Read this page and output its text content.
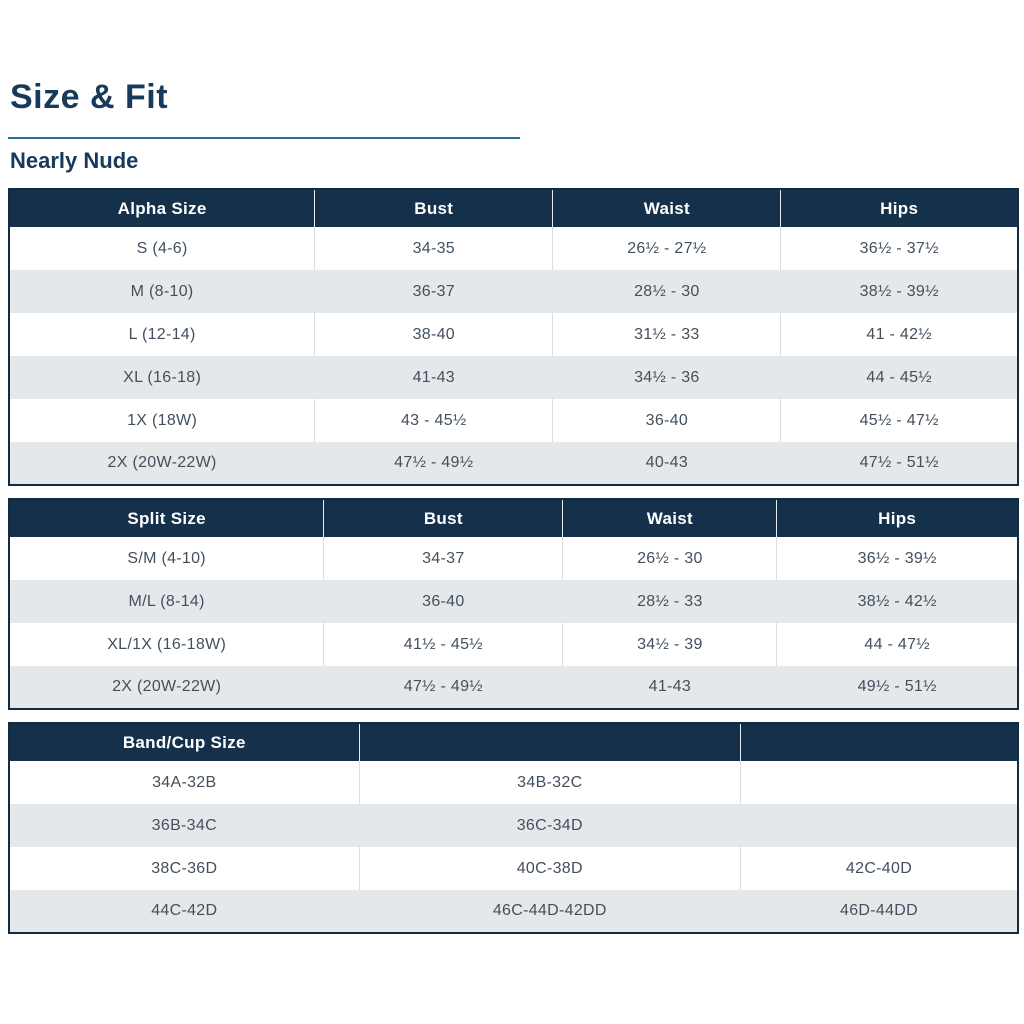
Size & Fit
Nearly Nude
Alpha Size	Bust	Waist	Hips
S (4-6)	34-35	26½ - 27½	36½ - 37½
M (8-10)	36-37	28½ - 30	38½ - 39½
L (12-14)	38-40	31½ - 33	41 - 42½
XL (16-18)	41-43	34½ - 36	44 - 45½
1X (18W)	43 - 45½	36-40	45½ - 47½
2X (20W-22W)	47½ - 49½	40-43	47½ - 51½
Split Size	Bust	Waist	Hips
S/M (4-10)	34-37	26½ - 30	36½ - 39½
M/L (8-14)	36-40	28½ - 33	38½ - 42½
XL/1X (16-18W)	41½ - 45½	34½ - 39	44 - 47½
2X (20W-22W)	47½ - 49½	41-43	49½ - 51½
Band/Cup Size		
34A-32B	34B-32C	
36B-34C	36C-34D	
38C-36D	40C-38D	42C-40D
44C-42D	46C-44D-42DD	46D-44DD
